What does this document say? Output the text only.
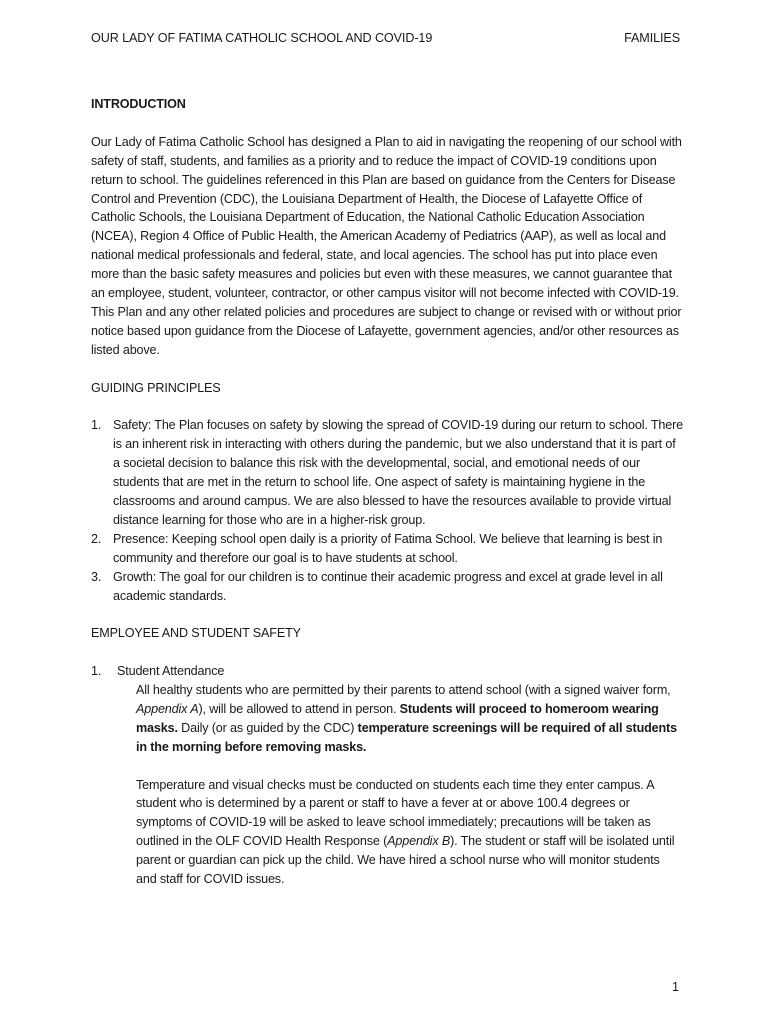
OUR LADY OF FATIMA CATHOLIC SCHOOL AND COVID-19	FAMILIES

INTRODUCTION

Our Lady of Fatima Catholic School has designed a Plan to aid in navigating the reopening of our school with safety of staff, students, and families as a priority and to reduce the impact of COVID-19 conditions upon return to school. The guidelines referenced in this Plan are based on guidance from the Centers for Disease Control and Prevention (CDC), the Louisiana Department of Health, the Diocese of Lafayette Office of Catholic Schools, the Louisiana Department of Education, the National Catholic Education Association (NCEA), Region 4 Office of Public Health, the American Academy of Pediatrics (AAP), as well as local and national medical professionals and federal, state, and local agencies. The school has put into place even more than the basic safety measures and policies but even with these measures, we cannot guarantee that an employee, student, volunteer, contractor, or other campus visitor will not become infected with COVID-19. This Plan and any other related policies and procedures are subject to change or revised with or without prior notice based upon guidance from the Diocese of Lafayette, government agencies, and/or other resources as listed above.

GUIDING PRINCIPLES

1. Safety: The Plan focuses on safety by slowing the spread of COVID-19 during our return to school. There is an inherent risk in interacting with others during the pandemic, but we also understand that it is part of a societal decision to balance this risk with the developmental, social, and emotional needs of our students that are met in the return to school life. One aspect of safety is maintaining hygiene in the classrooms and around campus. We are also blessed to have the resources available to provide virtual distance learning for those who are in a higher-risk group.
2. Presence: Keeping school open daily is a priority of Fatima School. We believe that learning is best in community and therefore our goal is to have students at school.
3. Growth: The goal for our children is to continue their academic progress and excel at grade level in all academic standards.

EMPLOYEE AND STUDENT SAFETY

1. Student Attendance

All healthy students who are permitted by their parents to attend school (with a signed waiver form, Appendix A), will be allowed to attend in person. Students will proceed to homeroom wearing masks. Daily (or as guided by the CDC) temperature screenings will be required of all students in the morning before removing masks.

Temperature and visual checks must be conducted on students each time they enter campus. A student who is determined by a parent or staff to have a fever at or above 100.4 degrees or symptoms of COVID-19 will be asked to leave school immediately; precautions will be taken as outlined in the OLF COVID Health Response (Appendix B). The student or staff will be isolated until parent or guardian can pick up the child. We have hired a school nurse who will monitor students and staff for COVID issues.

1
